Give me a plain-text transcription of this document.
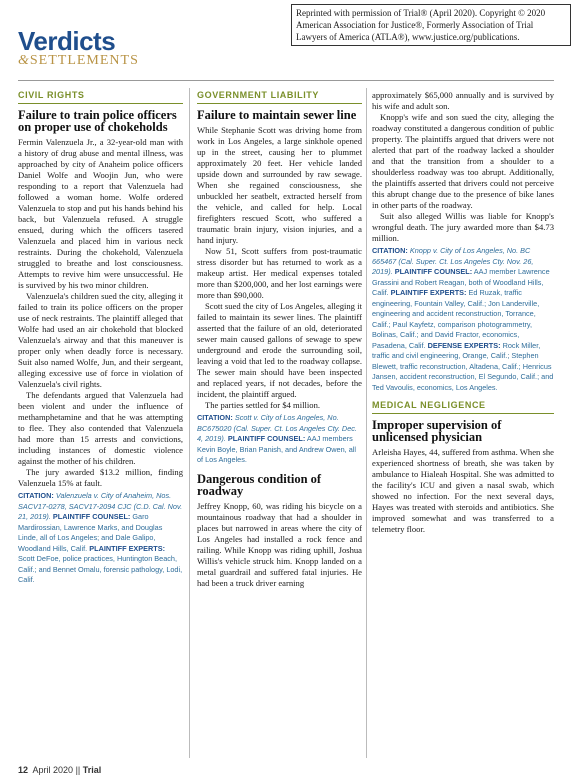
Reprinted with permission of Trial® (April 2020). Copyright © 2020 American Association for Justice®, Formerly Association of Trial Lawyers of America (ATLA®), www.justice.org/publications.
Verdicts
&SETTLEMENTS
CIVIL RIGHTS
Failure to train police officers on proper use of chokeholds

Fermin Valenzuela Jr., a 32-year-old man with a history of drug abuse and mental illness, was approached by city of Anaheim police officers Daniel Wolfe and Woojin Jun, who were responding to a report that Valenzuela had followed a woman home. Wolfe ordered Valenzuela to stop and put his hands behind his back, but Valenzuela refused. A struggle ensued, during which the officers tasered Valenzuela and placed him in various neck restraints. During the chokehold, Valenzuela struggled to breathe and lost consciousness. Attempts to revive him were unsuccessful. He is survived by his two minor children.

Valenzuela's children sued the city, alleging it failed to train its police officers on the proper use of neck restraints. The plaintiff alleged that Wolfe had used an air chokehold that blocked Valenzuela's airway and that this maneuver is proper only when deadly force is necessary. Suit also named Wolfe, Jun, and their sergeant, alleging excessive use of force in violation of Valenzuela's civil rights.

The defendants argued that Valenzuela had been violent and under the influence of methamphetamine and that he was attempting to flee. They also contended that Valenzuela had more than 15 arrests and convictions, including instances of domestic violence against the mother of his children.

The jury awarded $13.2 million, finding Valenzuela 15% at fault.

CITATION: Valenzuela v. City of Anaheim, Nos. SACV17-0278, SACV17-2094 CJC (C.D. Cal. Nov. 21, 2019). PLAINTIFF COUNSEL: Garo Mardirossian, Lawrence Marks, and Douglas Linde, all of Los Angeles; and Dale Galipo, Woodland Hills, Calif. PLAINTIFF EXPERTS: Scott DeFoe, police practices, Huntington Beach, Calif.; and Bennet Omalu, forensic pathology, Lodi, Calif.
GOVERNMENT LIABILITY
Failure to maintain sewer line

While Stephanie Scott was driving home from work in Los Angeles, a large sinkhole opened up in the street, causing her to plummet approximately 20 feet. Her vehicle landed upside down and surrounded by raw sewage. When she regained consciousness, she unbuckled her seatbelt, extracted herself from the vehicle, and called for help. Local firefighters rescued Scott, who suffered a traumatic brain injury, vision injuries, and a hand injury.

Now 51, Scott suffers from post-traumatic stress disorder but has returned to work as a makeup artist. Her medical expenses totaled more than $200,000, and her lost earnings were more than $90,000.

Scott sued the city of Los Angeles, alleging it failed to maintain its sewer lines. The plaintiff asserted that the failure of an old, deteriorated sewer main caused gallons of sewage to spew underground and erode the surrounding soil, leaving a void that led to the roadway collapse. The sewer main should have been inspected and replaced years, if not decades, before the incident, the plaintiff argued.

The parties settled for $4 million.

CITATION: Scott v. City of Los Angeles, No. BC675020 (Cal. Super. Ct. Los Angeles Cty. Dec. 4, 2019). PLAINTIFF COUNSEL: AAJ members Kevin Boyle, Brian Panish, and Andrew Owen, all of Los Angeles.
Dangerous condition of roadway

Jeffrey Knopp, 60, was riding his bicycle on a mountainous roadway that had a shoulder in places but narrowed in areas where the city of Los Angeles had installed a rock fence and railing. While Knopp was riding uphill, Joshua Willis's vehicle struck him. Knopp landed on a metal guardrail and suffered fatal injuries. He had been a truck driver earning

approximately $65,000 annually and is survived by his wife and adult son.

Knopp's wife and son sued the city, alleging the roadway constituted a dangerous condition of public property. The plaintiffs argued that drivers were not alerted that part of the roadway lacked a shoulder and that the transition from a shoulder to a shoulderless roadway was too abrupt. Additionally, the plaintiffs asserted that drivers could not perceive this abrupt change due to the presence of bike lanes in other parts of the roadway.

Suit also alleged Willis was liable for Knopp's wrongful death. The jury awarded more than $4.73 million.

CITATION: Knopp v. City of Los Angeles, No. BC 665467 (Cal. Super. Ct. Los Angeles Cty. Nov. 26, 2019). PLAINTIFF COUNSEL: AAJ member Lawrence Grassini and Robert Reagan, both of Woodland Hills, Calif. PLAINTIFF EXPERTS: Ed Ruzak, traffic engineering, Fountain Valley, Calif.; Jon Landerville, engineering and accident reconstruction, Torrance, Calif.; Paul Kayfetz, comparison photogrammetry, Bolinas, Calif.; and David Fractor, economics, Pasadena, Calif. DEFENSE EXPERTS: Rock Miller, traffic and civil engineering, Orange, Calif.; Stephen Blewett, traffic reconstruction, Altadena, Calif.; Henricus Jansen, accident reconstruction, El Segundo, Calif.; and Ted Vavoulis, economics, Los Angeles.
MEDICAL NEGLIGENCE
Improper supervision of unlicensed physician

Arleisha Hayes, 44, suffered from asthma. When she experienced shortness of breath, she was taken by ambulance to Hialeah Hospital. She was admitted to the facility's ICU and given a nasal swab, which showed no infection. For the next several days, Hayes was treated with steroids and antibiotics. She improved somewhat and was transferred to a telemetry floor.

12 April 2020 || Trial
